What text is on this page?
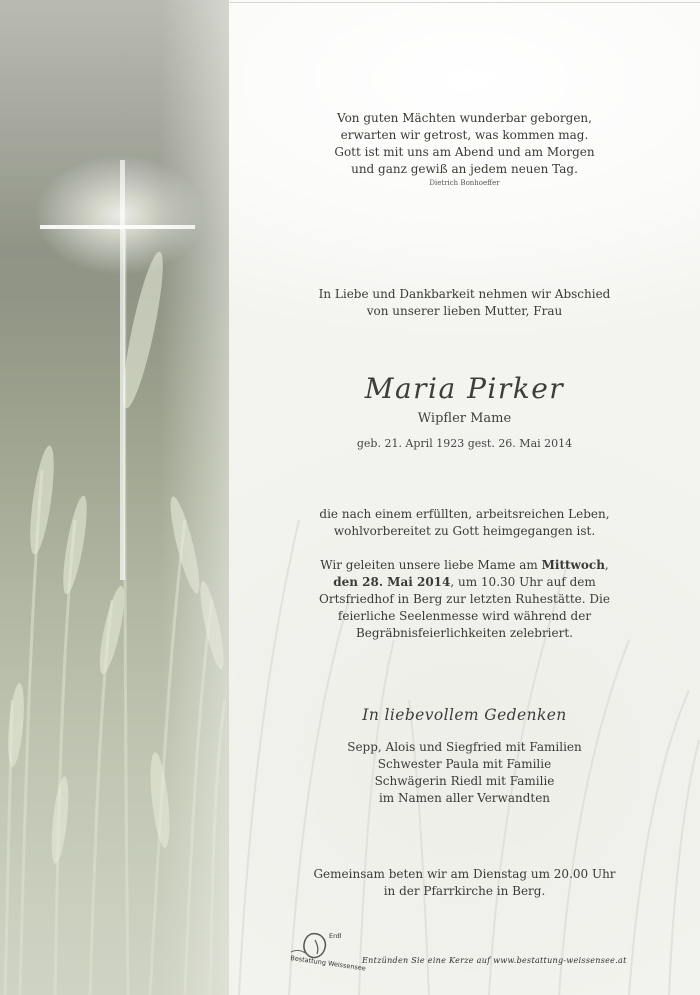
Von guten Mächten wunderbar geborgen,
erwarten wir getrost, was kommen mag.
Gott ist mit uns am Abend und am Morgen
und ganz gewiß an jedem neuen Tag.
Dietrich Bonhoeffer
In Liebe und Dankbarkeit nehmen wir Abschied
von unserer lieben Mutter, Frau
Maria Pirker
Wipfler Mame
geb. 21. April 1923 gest. 26. Mai 2014
die nach einem erfüllten, arbeitsreichen Leben,
wohlvorbereitet zu Gott heimgegangen ist.
Wir geleiten unsere liebe Mame am Mittwoch,
den 28. Mai 2014, um 10.30 Uhr auf dem
Ortsfriedhof in Berg zur letzten Ruhestätte. Die
feierliche Seelenmesse wird während der
Begräbnisfeierlichkeiten zelebriert.
In liebevollem Gedenken
Sepp, Alois und Siegfried mit Familien
Schwester Paula mit Familie
Schwägerin Riedl mit Familie
im Namen aller Verwandten
Gemeinsam beten wir am Dienstag um 20.00 Uhr
in der Pfarrkirche in Berg.
Erdl
Bestattung Weissensee
Entzünden Sie eine Kerze auf www.bestattung-weissensee.at
